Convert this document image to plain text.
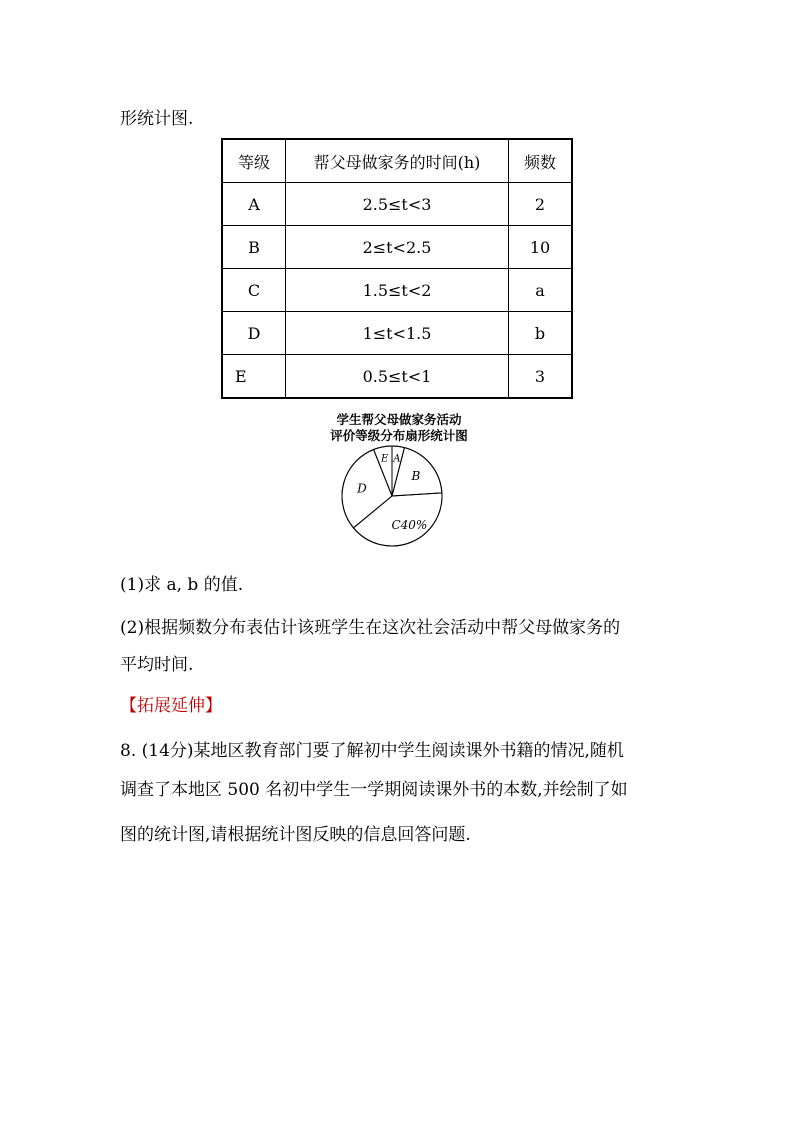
形统计图.
等级	帮父母做家务的时间(h)	频数
A	2.5≤t<3	2
B	2≤t<2.5	10
C	1.5≤t<2	a
D	1≤t<1.5	b
E	0.5≤t<1	3
学生帮父母做家务活动
评价等级分布扇形统计图
A
B
C40%
D
E
(1)求 a, b 的值.
(2)根据频数分布表估计该班学生在这次社会活动中帮父母做家务的
平均时间.
【拓展延伸】
8. (14分)某地区教育部门要了解初中学生阅读课外书籍的情况,随机
调查了本地区 500 名初中学生一学期阅读课外书的本数,并绘制了如
图的统计图,请根据统计图反映的信息回答问题.
